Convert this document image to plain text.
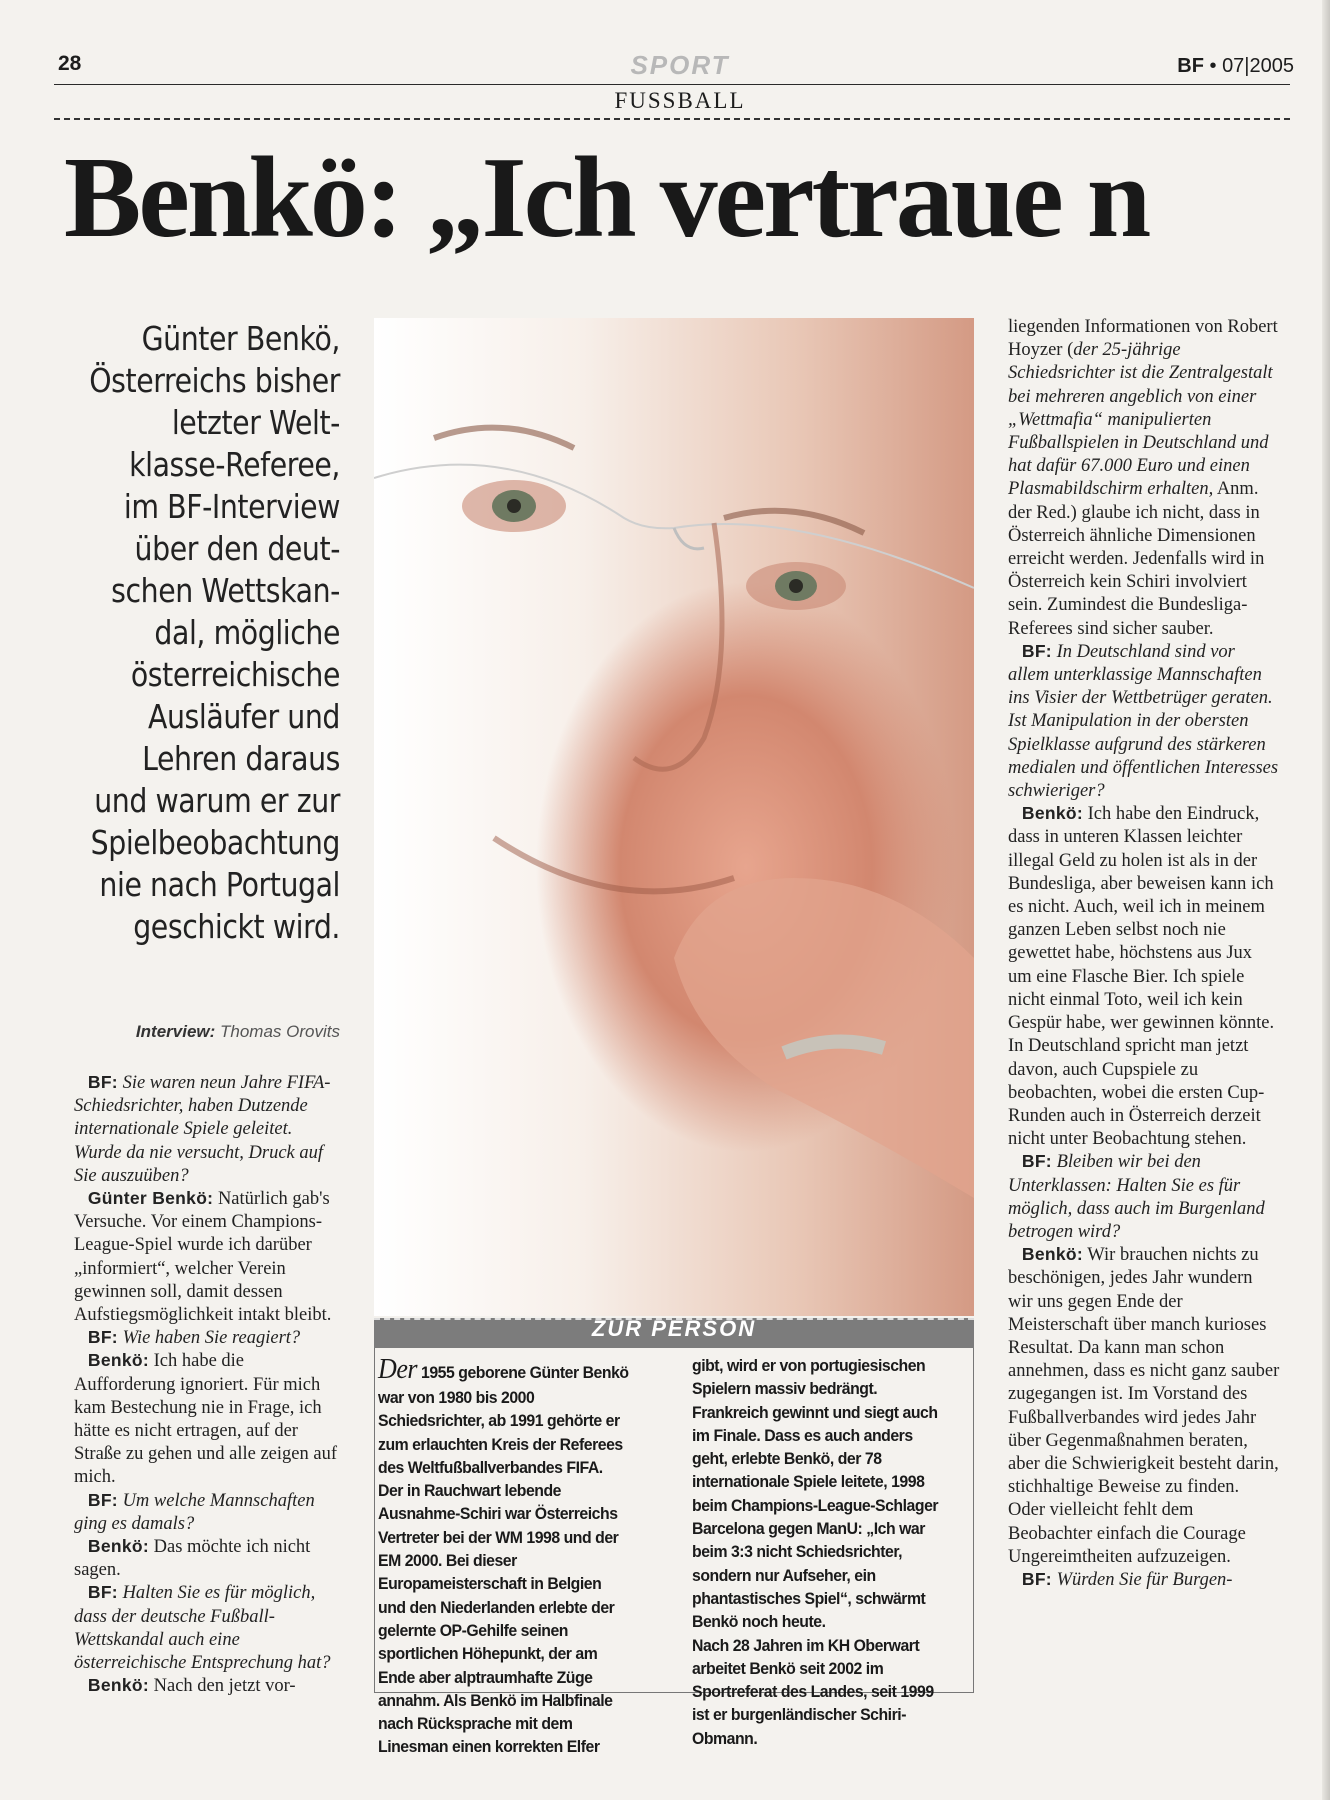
28	SPORT	BF • 07|2005
FUSSBALL
Benkö: „Ich vertraue n
Günter Benkö,
Österreichs bisher
letzter Welt-
klasse-Referee,
im BF-Interview
über den deut-
schen Wettskan-
dal, mögliche
österreichische
Ausläufer und
Lehren daraus
und warum er zur
Spielbeobachtung
nie nach Portugal
geschickt wird.
Interview: Thomas Orovits

BF: Sie waren neun Jahre FIFA-Schiedsrichter, haben Dutzende internationale Spiele geleitet. Wurde da nie versucht, Druck auf Sie auszuüben?

Günter Benkö: Natürlich gab's Versuche. Vor einem Champions-League-Spiel wurde ich darüber „informiert“, welcher Verein gewinnen soll, damit dessen Aufstiegsmöglichkeit intakt bleibt.

BF: Wie haben Sie reagiert?

Benkö: Ich habe die Aufforderung ignoriert. Für mich kam Bestechung nie in Frage, ich hätte es nicht ertragen, auf der Straße zu gehen und alle zeigen auf mich.

BF: Um welche Mannschaften ging es damals?

Benkö: Das möchte ich nicht sagen.

BF: Halten Sie es für möglich, dass der deutsche Fußball-Wettskandal auch eine österreichische Entsprechung hat?

Benkö: Nach den jetzt vor-

ZUR PERSON

Der 1955 geborene Günter Benkö war von 1980 bis 2000 Schiedsrichter, ab 1991 gehörte er zum erlauchten Kreis der Referees des Weltfußballverbandes FIFA. Der in Rauchwart lebende Ausnahme-Schiri war Österreichs Vertreter bei der WM 1998 und der EM 2000. Bei dieser Europameisterschaft in Belgien und den Niederlanden erlebte der gelernte OP-Gehilfe seinen sportlichen Höhepunkt, der am Ende aber alptraumhafte Züge annahm. Als Benkö im Halbfinale nach Rücksprache mit dem Linesman einen korrekten Elfer

gibt, wird er von portugiesischen Spielern massiv bedrängt. Frankreich gewinnt und siegt auch im Finale. Dass es auch anders geht, erlebte Benkö, der 78 internationale Spiele leitete, 1998 beim Champions-League-Schlager Barcelona gegen ManU: „Ich war beim 3:3 nicht Schiedsrichter, sondern nur Aufseher, ein phantastisches Spiel“, schwärmt Benkö noch heute.

Nach 28 Jahren im KH Oberwart arbeitet Benkö seit 2002 im Sportreferat des Landes, seit 1999 ist er burgenländischer Schiri-Obmann.

liegenden Informationen von Robert Hoyzer (der 25-jährige Schiedsrichter ist die Zentralgestalt bei mehreren angeblich von einer „Wettmafia“ manipulierten Fußballspielen in Deutschland und hat dafür 67.000 Euro und einen Plasmabildschirm erhalten, Anm. der Red.) glaube ich nicht, dass in Österreich ähnliche Dimensionen erreicht werden. Jedenfalls wird in Österreich kein Schiri involviert sein. Zumindest die Bundesliga-Referees sind sicher sauber.

BF: In Deutschland sind vor allem unterklassige Mannschaften ins Visier der Wettbetrüger geraten. Ist Manipulation in der obersten Spielklasse aufgrund des stärkeren medialen und öffentlichen Interesses schwieriger?

Benkö: Ich habe den Eindruck, dass in unteren Klassen leichter illegal Geld zu holen ist als in der Bundesliga, aber beweisen kann ich es nicht. Auch, weil ich in meinem ganzen Leben selbst noch nie gewettet habe, höchstens aus Jux um eine Flasche Bier. Ich spiele nicht einmal Toto, weil ich kein Gespür habe, wer gewinnen könnte. In Deutschland spricht man jetzt davon, auch Cupspiele zu beobachten, wobei die ersten Cup-Runden auch in Österreich derzeit nicht unter Beobachtung stehen.

BF: Bleiben wir bei den Unterklassen: Halten Sie es für möglich, dass auch im Burgenland betrogen wird?

Benkö: Wir brauchen nichts zu beschönigen, jedes Jahr wundern wir uns gegen Ende der Meisterschaft über manch kurioses Resultat. Da kann man schon annehmen, dass es nicht ganz sauber zugegangen ist. Im Vorstand des Fußballverbandes wird jedes Jahr über Gegenmaßnahmen beraten, aber die Schwierigkeit besteht darin, stichhaltige Beweise zu finden. Oder vielleicht fehlt dem Beobachter einfach die Courage Ungereimtheiten aufzuzeigen.

BF: Würden Sie für Burgen-
